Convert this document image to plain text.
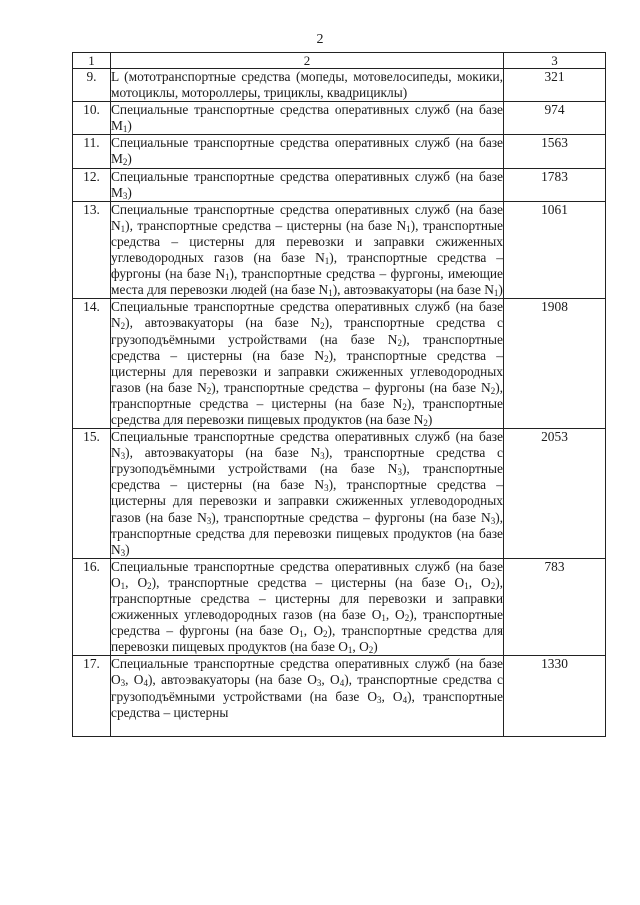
2
1	2	3
9.	L (мототранспортные средства (мопеды, мотовелосипеды, мокики, мотоциклы, мотороллеры, трициклы, квадрициклы)	321
10.	Специальные транспортные средства оперативных служб (на базе $M_1$)	974
11.	Специальные транспортные средства оперативных служб (на базе $M_2$)	1563
12.	Специальные транспортные средства оперативных служб (на базе $M_3$)	1783
13.	Специальные транспортные средства оперативных служб (на базе $N_1$), транспортные средства – цистерны (на базе $N_1$), транспортные средства – цистерны для перевозки и заправки сжиженных углеводородных газов (на базе $N_1$), транспортные средства – фургоны (на базе $N_1$), транспортные средства – фургоны, имеющие места для перевозки людей (на базе $N_1$), автоэвакуаторы (на базе $N_1$)	1061
14.	Специальные транспортные средства оперативных служб (на базе $N_2$), автоэвакуаторы (на базе $N_2$), транспортные средства с грузоподъёмными устройствами (на базе $N_2$), транспортные средства – цистерны (на базе $N_2$), транспортные средства – цистерны для перевозки и заправки сжиженных углеводородных газов (на базе $N_2$), транспортные средства – фургоны (на базе $N_2$), транспортные средства – цистерны (на базе $N_2$), транспортные средства для перевозки пищевых продуктов (на базе $N_2$)	1908
15.	Специальные транспортные средства оперативных служб (на базе $N_3$), автоэвакуаторы (на базе $N_3$), транспортные средства с грузоподъёмными устройствами (на базе $N_3$), транспортные средства – цистерны (на базе $N_3$), транспортные средства – цистерны для перевозки и заправки сжиженных углеводородных газов (на базе $N_3$), транспортные средства – фургоны (на базе $N_3$), транспортные средства для перевозки пищевых продуктов (на базе $N_3$)	2053
16.	Специальные транспортные средства оперативных служб (на базе $O_1$, $O_2$), транспортные средства – цистерны (на базе $O_1$, $O_2$), транспортные средства – цистерны для перевозки и заправки сжиженных углеводородных газов (на базе $O_1$, $O_2$), транспортные средства – фургоны (на базе $O_1$, $O_2$), транспортные средства для перевозки пищевых продуктов (на базе $O_1$, $O_2$)	783
17.	Специальные транспортные средства оперативных служб (на базе $O_3$, $O_4$), автоэвакуаторы (на базе $O_3$, $O_4$), транспортные средства с грузоподъёмными устройствами (на базе $O_3$, $O_4$), транспортные средства – цистерны	1330
